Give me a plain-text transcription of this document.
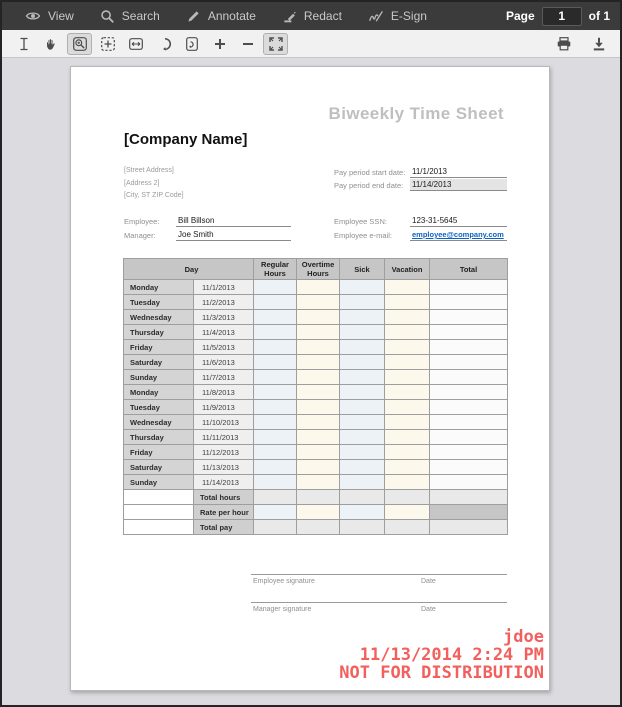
View	Search	Annotate	Redact	E-Sign	Page
1	of 1
Biweekly Time Sheet
[Company Name]
[Street Address]
[Address 2]
[City, ST ZIP Code]
Pay period start date: 11/1/2013
Pay period end date: 11/14/2013
Employee: Bill Billson
Manager:	Joe Smith
Employee SSN:	123-31-5645
Employee e-mail:	employee@company.com
Day		Regular Hours	Overtime Hours	Sick	Vacation	Total
Monday	11/1/2013					
Tuesday	11/2/2013					
Wednesday	11/3/2013					
Thursday	11/4/2013					
Friday	11/5/2013					
Saturday	11/6/2013					
Sunday	11/7/2013					
Monday	11/8/2013					
Tuesday	11/9/2013					
Wednesday	11/10/2013					
Thursday	11/11/2013					
Friday	11/12/2013					
Saturday	11/13/2013					
Sunday	11/14/2013					
	Total hours					
	Rate per hour					
	Total pay					
Employee signature	Date
Manager signature	Date
jdoe
11/13/2014 2:24 PM
NOT FOR DISTRIBUTION
